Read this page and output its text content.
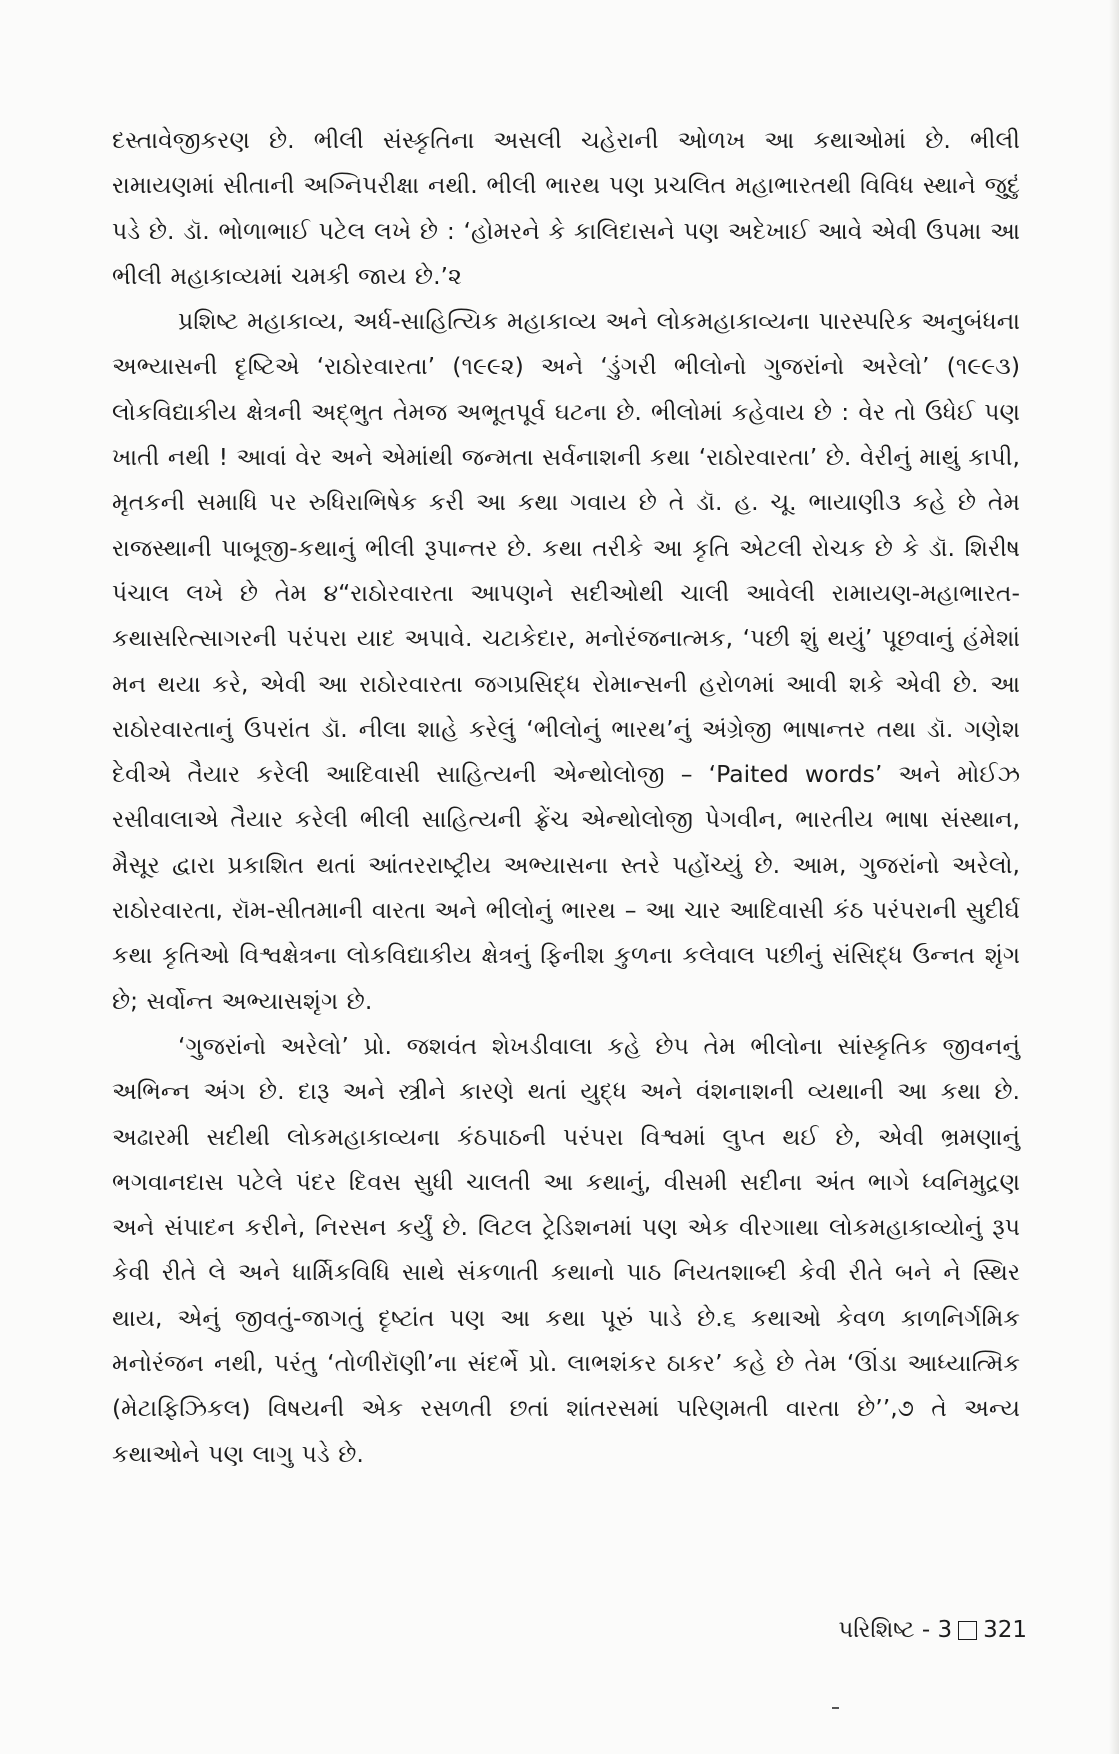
દસ્તાવેજીકરણ છે. ભીલી સંસ્કૃતિના અસલી ચહેરાની ઓળખ આ કથાઓમાં છે. ભીલી રામાયણમાં સીતાની અગ્નિપરીક્ષા નથી. ભીલી ભારથ પણ પ્રચલિત મહાભારતથી વિવિધ સ્થાને જુદું પડે છે. ડૉ. ભોળાભાઈ પટેલ લખે છે : ‘હોમરને કે કાલિદાસને પણ અદેખાઈ આવે એવી ઉપમા આ ભીલી મહાકાવ્યમાં ચમકી જાય છે.’૨

પ્રશિષ્ટ મહાકાવ્ય, અર્ધ-સાહિત્યિક મહાકાવ્ય અને લોકમહાકાવ્યના પારસ્પરિક અનુબંધના અભ્યાસની દૃષ્ટિએ ‘રાઠોરવારતા’ (૧૯૯૨) અને ‘ડુંગરી ભીલોનો ગુજરાંનો અરેલો’ (૧૯૯૩) લોકવિદ્યાકીય ક્ષેત્રની અદ્ભુત તેમજ અભૂતપૂર્વ ઘટના છે. ભીલોમાં કહેવાય છે : વેર તો ઉધેઈ પણ ખાતી નથી ! આવાં વેર અને એમાંથી જન્મતા સર્વનાશની કથા ‘રાઠોરવારતા’ છે. વેરીનું માથું કાપી, મૃતકની સમાધિ પર રુધિરાભિષેક કરી આ કથા ગવાય છે તે ડૉ. હ. ચૂ. ભાયાણી૩ કહે છે તેમ રાજસ્થાની પાબૂજી-કથાનું ભીલી રૂપાન્તર છે. કથા તરીકે આ કૃતિ એટલી રોચક છે કે ડૉ. શિરીષ પંચાલ લખે છે તેમ ૪“રાઠોરવારતા આપણને સદીઓથી ચાલી આવેલી રામાયણ-મહાભારત-કથાસરિત્સાગરની પરંપરા યાદ અપાવે. ચટાકેદાર, મનોરંજનાત્મક, ‘પછી શું થયું’ પૂછવાનું હંમેશાં મન થયા કરે, એવી આ રાઠોરવારતા જગપ્રસિદ્ધ રોમાન્સની હરોળમાં આવી શકે એવી છે. આ રાઠોરવારતાનું ઉપરાંત ડૉ. નીલા શાહે કરેલું ‘ભીલોનું ભારથ’નું અંગ્રેજી ભાષાન્તર તથા ડૉ. ગણેશ દેવીએ તૈયાર કરેલી આદિવાસી સાહિત્યની એન્થોલોજી – ‘Paited words’ અને મોઈઝ રસીવાલાએ તૈયાર કરેલી ભીલી સાહિત્યની ફ્રેંચ એન્થોલોજી પેગવીન, ભારતીય ભાષા સંસ્થાન, મૈસૂર દ્વારા પ્રકાશિત થતાં આંતરરાષ્ટ્રીય અભ્યાસના સ્તરે પહોંચ્યું છે. આમ, ગુજરાંનો અરેલો, રાઠોરવારતા, રૉમ-સીતમાની વારતા અને ભીલોનું ભારથ – આ ચાર આદિવાસી કંઠ પરંપરાની સુદીર્ઘ કથા કૃતિઓ વિશ્વક્ષેત્રના લોકવિદ્યાકીય ક્ષેત્રનું ફિનીશ કુળના કલેવાલ પછીનું સંસિદ્ધ ઉન્નત શૃંગ છે; સર્વોન્ત અભ્યાસશૃંગ છે.

‘ગુજરાંનો અરેલો’ પ્રો. જશવંત શેખડીવાલા કહે છે૫ તેમ ભીલોના સાંસ્કૃતિક જીવનનું અભિન્ન અંગ છે. દારૂ અને સ્ત્રીને કારણે થતાં યુદ્ધ અને વંશનાશની વ્યથાની આ કથા છે. અઢારમી સદીથી લોકમહાકાવ્યના કંઠપાઠની પરંપરા વિશ્વમાં લુપ્ત થઈ છે, એવી ભ્રમણાનું ભગવાનદાસ પટેલે પંદર દિવસ સુધી ચાલતી આ કથાનું, વીસમી સદીના અંત ભાગે ધ્વનિમુદ્રણ અને સંપાદન કરીને, નિરસન કર્યું છે. લિટલ ટ્રેડિશનમાં પણ એક વીરગાથા લોકમહાકાવ્યોનું રૂપ કેવી રીતે લે અને ધાર્મિકવિધિ સાથે સંકળાતી કથાનો પાઠ નિયતશાબ્દી કેવી રીતે બને ને સ્થિર થાય, એનું જીવતું-જાગતું દૃષ્ટાંત પણ આ કથા પૂરું પાડે છે.૬ કથાઓ કેવળ કાળનિર્ગમિક મનોરંજન નથી, પરંતુ ‘તોળીરૉણી’ના સંદર્ભે પ્રો. લાભશંકર ઠાકર’ કહે છે તેમ ‘ઊંડા આધ્યાત્મિક (મેટાફિઝિકલ) વિષયની એક રસળતી છતાં શાંતરસમાં પરિણમતી વારતા છે’’,૭ તે અન્ય કથાઓને પણ લાગુ પડે છે.

પરિશિષ્ટ - 3 321
